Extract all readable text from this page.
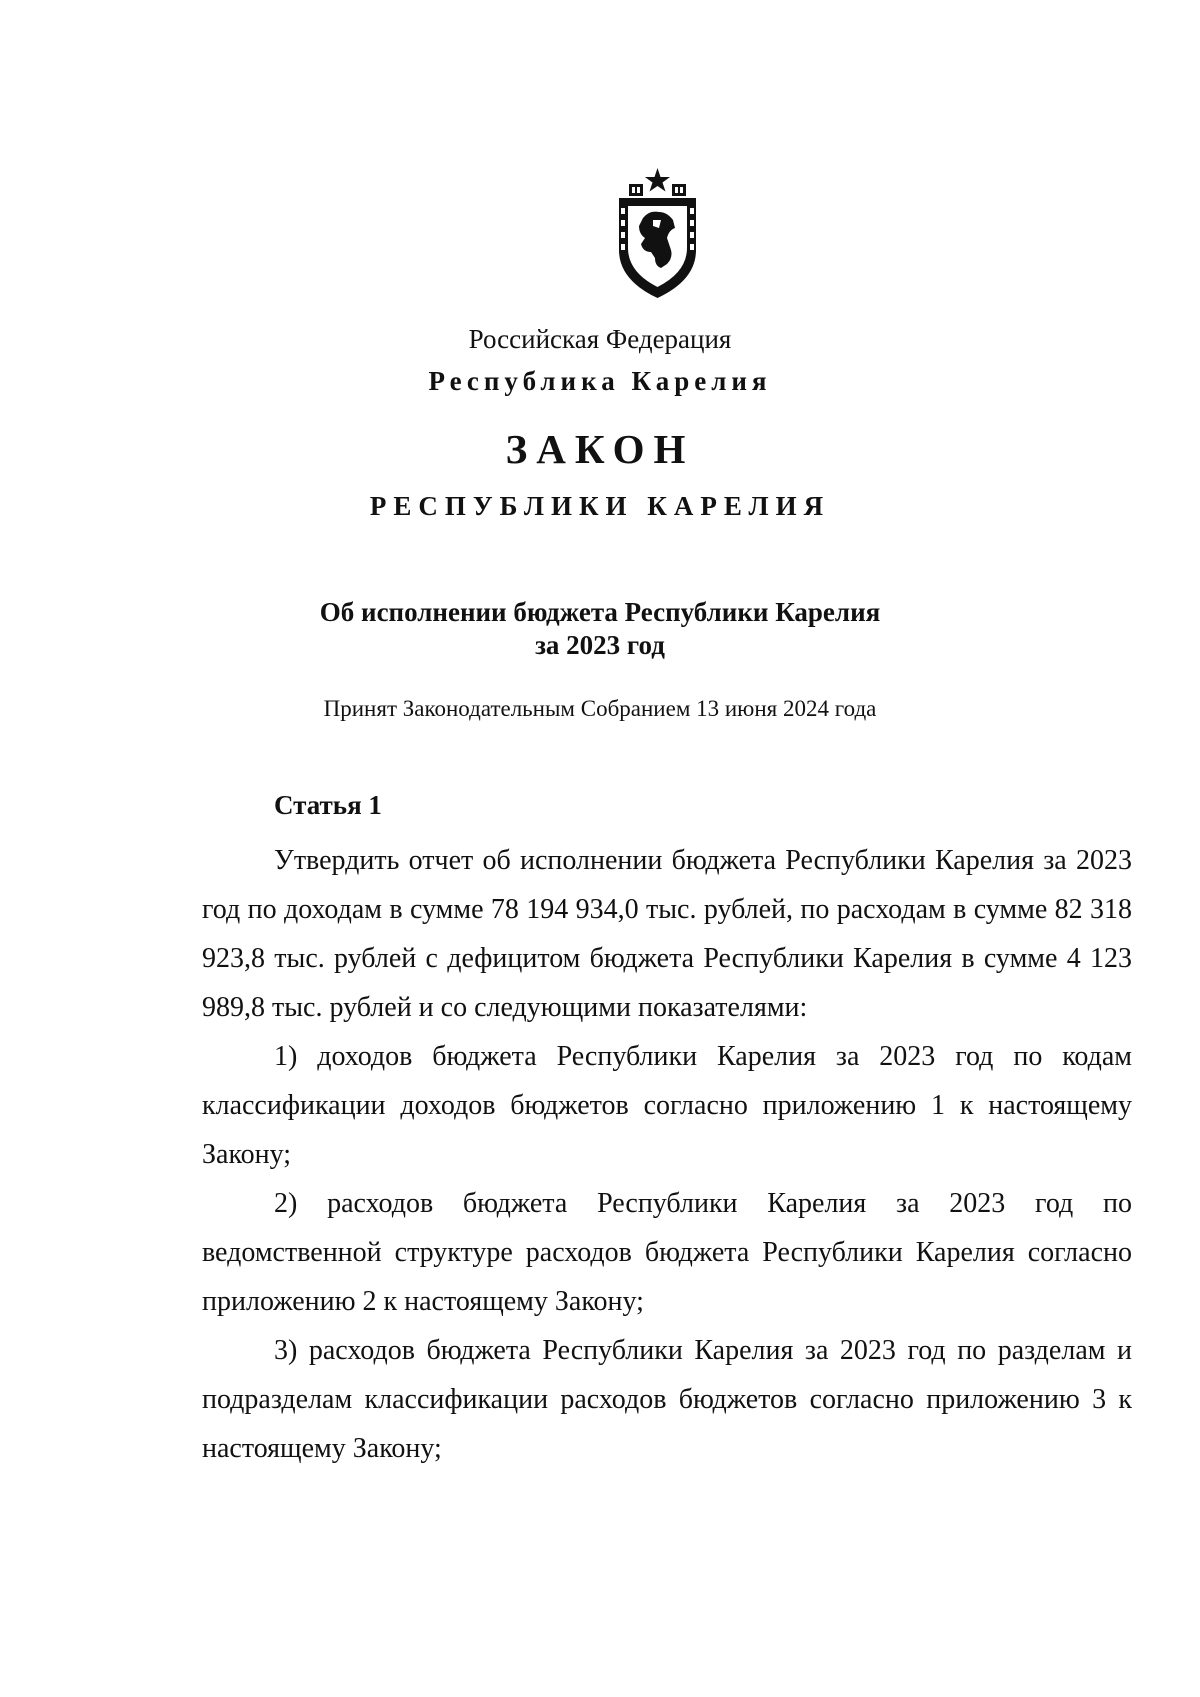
Российская Федерация
Республика Карелия
ЗАКОН
РЕСПУБЛИКИ КАРЕЛИЯ
Об исполнении бюджета Республики Карелия
за 2023 год
Принят Законодательным Собранием 13 июня 2024 года
Статья 1

Утвердить отчет об исполнении бюджета Республики Карелия за 2023 год по доходам в сумме 78 194 934,0 тыс. рублей, по расходам в сумме 82 318 923,8 тыс. рублей с дефицитом бюджета Республики Карелия в сумме 4 123 989,8 тыс. рублей и со следующими показателями:

1) доходов бюджета Республики Карелия за 2023 год по кодам классификации доходов бюджетов согласно приложению 1 к настоящему Закону;

2) расходов бюджета Республики Карелия за 2023 год по ведомственной структуре расходов бюджета Республики Карелия согласно приложению 2 к настоящему Закону;

3) расходов бюджета Республики Карелия за 2023 год по разделам и подразделам классификации расходов бюджетов согласно приложению 3 к настоящему Закону;
